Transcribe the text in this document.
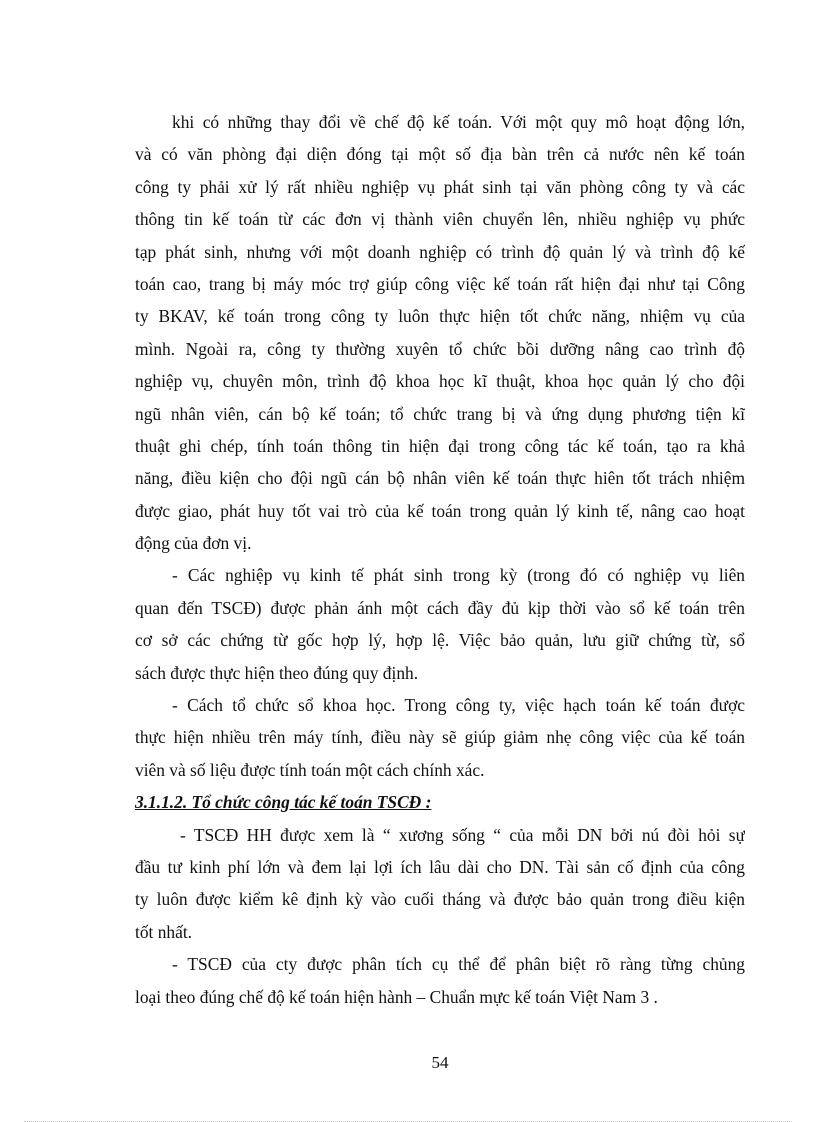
khi có những thay đổi về chế độ kế toán. Với một quy mô hoạt động lớn,
và có văn phòng đại diện đóng tại một số địa bàn trên cả nước nên kế toán
công ty phải xử lý rất nhiều nghiệp vụ phát sinh tại văn phòng công ty và các
thông tin kế toán từ các đơn vị thành viên chuyển lên, nhiều nghiệp vụ phức
tạp phát sinh, nhưng với một doanh nghiệp có trình độ quản lý và trình độ kế
toán cao, trang bị máy móc trợ giúp công việc kế toán rất hiện đại như tại Công
ty BKAV, kế toán trong công ty luôn thực hiện tốt chức năng, nhiệm vụ của
mình. Ngoài ra, công ty thường xuyên tổ chức bồi dưỡng nâng cao trình độ
nghiệp vụ, chuyên môn, trình độ khoa học kĩ thuật, khoa học quản lý cho đội
ngũ nhân viên, cán bộ kế toán; tổ chức trang bị và ứng dụng phương tiện kĩ
thuật ghi chép, tính toán thông tin hiện đại trong công tác kế toán, tạo ra khả
năng, điều kiện cho đội ngũ cán bộ nhân viên kế toán thực hiên tốt trách nhiệm
được giao, phát huy tốt vai trò của kế toán trong quản lý kinh tế, nâng cao hoạt
động của đơn vị.
- Các nghiệp vụ kinh tế phát sinh trong kỳ (trong đó có nghiệp vụ liên
quan đến TSCĐ) được phản ánh một cách đầy đủ kịp thời vào sổ kế toán trên
cơ sở các chứng từ gốc hợp lý, hợp lệ. Việc bảo quản, lưu giữ chứng từ, sổ
sách được thực hiện theo đúng quy định.
- Cách tổ chức sổ khoa học. Trong công ty, việc hạch toán kế toán được
thực hiện nhiều trên máy tính, điều này sẽ giúp giảm nhẹ công việc của kế toán
viên và số liệu được tính toán một cách chính xác.
3.1.1.2. Tổ chức công tác kế toán TSCĐ :
- TSCĐ HH được xem là “ xương sống “ của mỗi DN bởi nú đòi hỏi sự
đầu tư kinh phí lớn và đem lại lợi ích lâu dài cho DN. Tài sản cố định của công
ty luôn được kiểm kê định kỳ vào cuối tháng và được bảo quản trong điều kiện
tốt nhất.
- TSCĐ của cty được phân tích cụ thể để phân biệt rõ ràng từng chủng
loại theo đúng chế độ kế toán hiện hành – Chuẩn mực kế toán Việt Nam 3 .
54
